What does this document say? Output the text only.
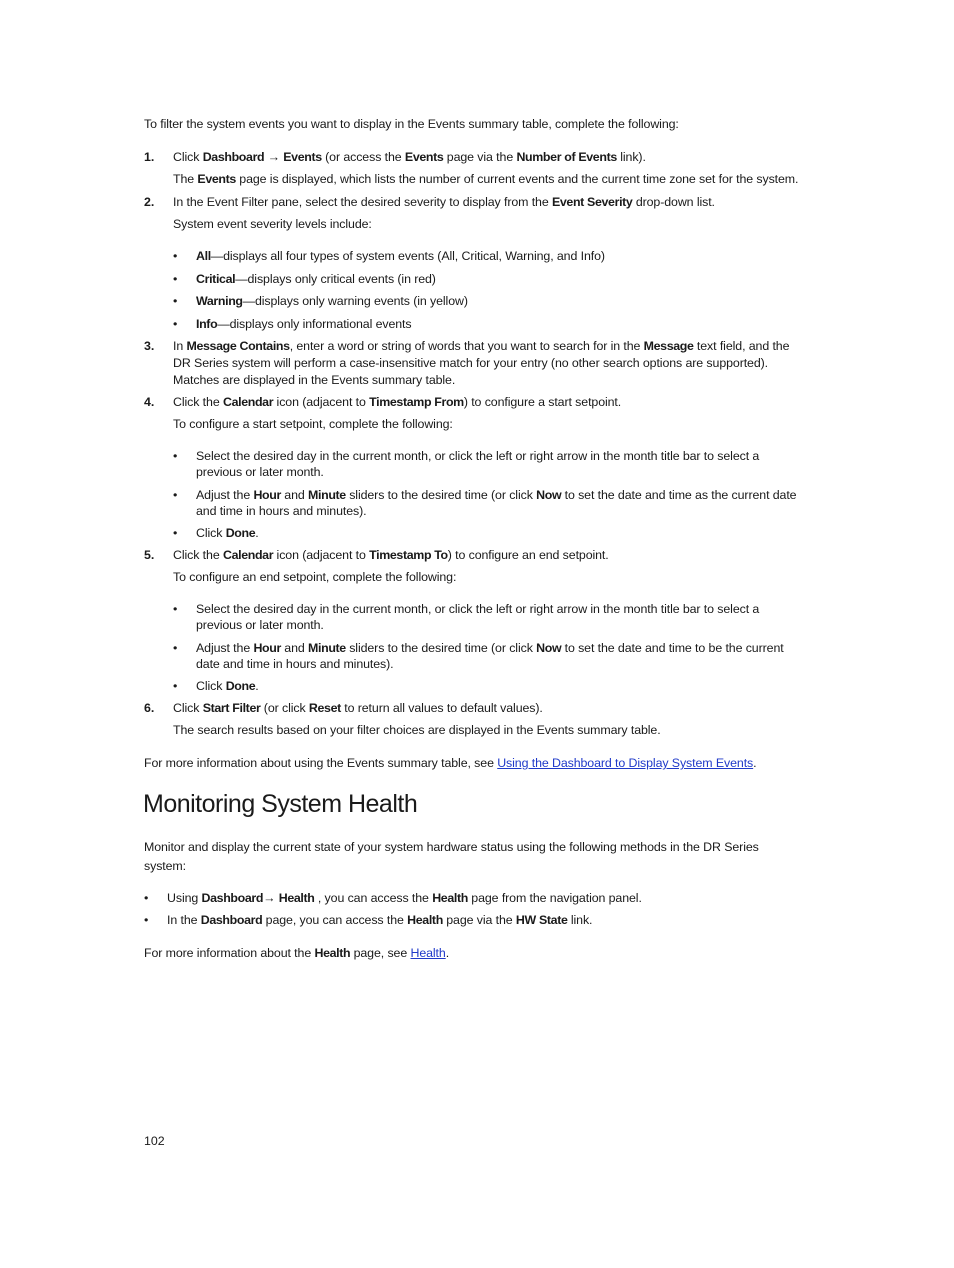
To filter the system events you want to display in the Events summary table, complete the following:
1. Click Dashboard → Events (or access the Events page via the Number of Events link).
The Events page is displayed, which lists the number of current events and the current time zone set for the system.
2. In the Event Filter pane, select the desired severity to display from the Event Severity drop-down list.
System event severity levels include:
• All—displays all four types of system events (All, Critical, Warning, and Info)
• Critical—displays only critical events (in red)
• Warning—displays only warning events (in yellow)
• Info—displays only informational events
3. In Message Contains, enter a word or string of words that you want to search for in the Message text field, and the
DR Series system will perform a case-insensitive match for your entry (no other search options are supported).
Matches are displayed in the Events summary table.
4. Click the Calendar icon (adjacent to Timestamp From) to configure a start setpoint.
To configure a start setpoint, complete the following:
• Select the desired day in the current month, or click the left or right arrow in the month title bar to select a
previous or later month.
• Adjust the Hour and Minute sliders to the desired time (or click Now to set the date and time as the current date
and time in hours and minutes).
• Click Done.
5. Click the Calendar icon (adjacent to Timestamp To) to configure an end setpoint.
To configure an end setpoint, complete the following:
• Select the desired day in the current month, or click the left or right arrow in the month title bar to select a
previous or later month.
• Adjust the Hour and Minute sliders to the desired time (or click Now to set the date and time to be the current
date and time in hours and minutes).
• Click Done.
6. Click Start Filter (or click Reset to return all values to default values).
The search results based on your filter choices are displayed in the Events summary table.
For more information about using the Events summary table, see Using the Dashboard to Display System Events.
Monitoring System Health
Monitor and display the current state of your system hardware status using the following methods in the DR Series
system:
• Using Dashboard→ Health , you can access the Health page from the navigation panel.
• In the Dashboard page, you can access the Health page via the HW State link.
For more information about the Health page, see Health.
102
